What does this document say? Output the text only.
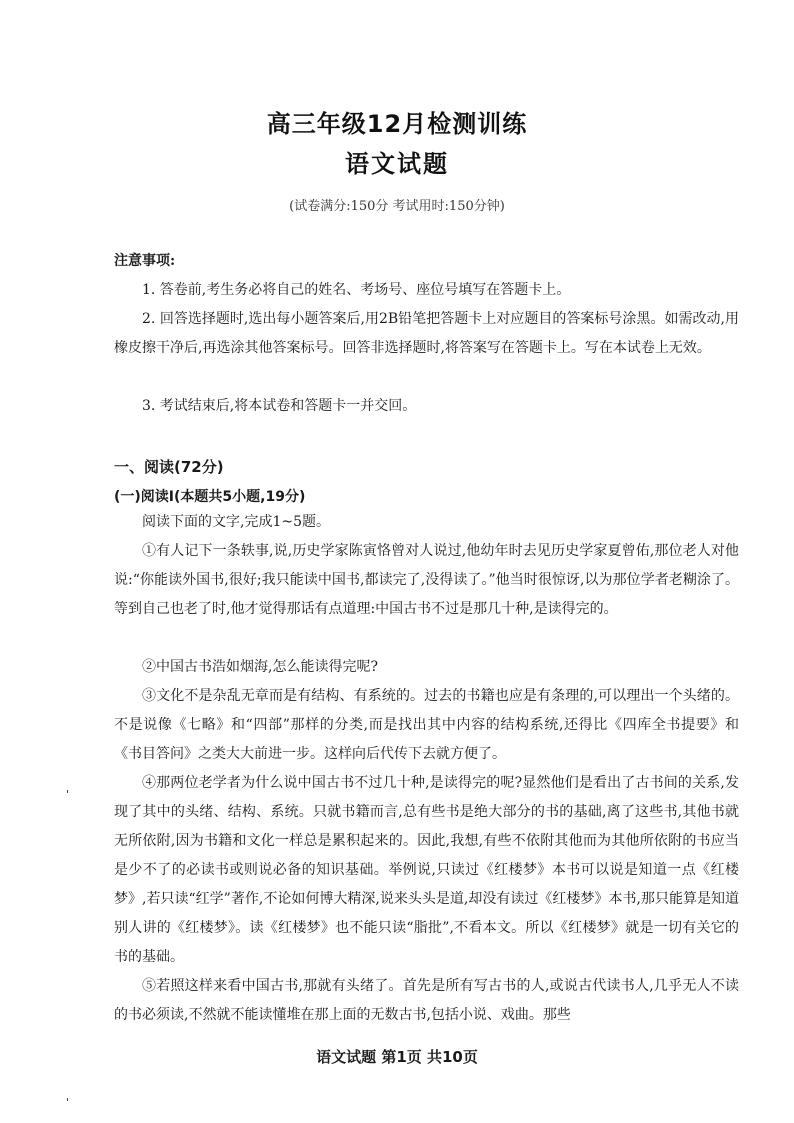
高三年级12月检测训练
语文试题
(试卷满分:150分 考试用时:150分钟)
注意事项:

1. 答卷前,考生务必将自己的姓名、考场号、座位号填写在答题卡上。

2. 回答选择题时,选出每小题答案后,用2B铅笔把答题卡上对应题目的答案标号涂黑。如需改动,用橡皮擦干净后,再选涂其他答案标号。回答非选择题时,将答案写在答题卡上。写在本试卷上无效。

3. 考试结束后,将本试卷和答题卡一并交回。

一、阅读(72分)
(一)阅读Ⅰ(本题共5小题,19分)

阅读下面的文字,完成1~5题。

①有人记下一条轶事,说,历史学家陈寅恪曾对人说过,他幼年时去见历史学家夏曾佑,那位老人对他说:“你能读外国书,很好;我只能读中国书,都读完了,没得读了。”他当时很惊讶,以为那位学者老糊涂了。等到自己也老了时,他才觉得那话有点道理:中国古书不过是那几十种,是读得完的。

②中国古书浩如烟海,怎么能读得完呢?

③文化不是杂乱无章而是有结构、有系统的。过去的书籍也应是有条理的,可以理出一个头绪的。不是说像《七略》和“四部”那样的分类,而是找出其中内容的结构系统,还得比《四库全书提要》和《书目答问》之类大大前进一步。这样向后代传下去就方便了。

④那两位老学者为什么说中国古书不过几十种,是读得完的呢?显然他们是看出了古书间的关系,发现了其中的头绪、结构、系统。只就书籍而言,总有些书是绝大部分的书的基础,离了这些书,其他书就无所依附,因为书籍和文化一样总是累积起来的。因此,我想,有些不依附其他而为其他所依附的书应当是少不了的必读书或则说必备的知识基础。举例说,只读过《红楼梦》本书可以说是知道一点《红楼梦》,若只读“红学”著作,不论如何博大精深,说来头头是道,却没有读过《红楼梦》本书,那只能算是知道别人讲的《红楼梦》。读《红楼梦》也不能只读“脂批”,不看本文。所以《红楼梦》就是一切有关它的书的基础。

⑤若照这样来看中国古书,那就有头绪了。首先是所有写古书的人,或说古代读书人,几乎无人不读的书必须读,不然就不能读懂堆在那上面的无数古书,包括小说、戏曲。那些

语文试题 第1页 共10页
